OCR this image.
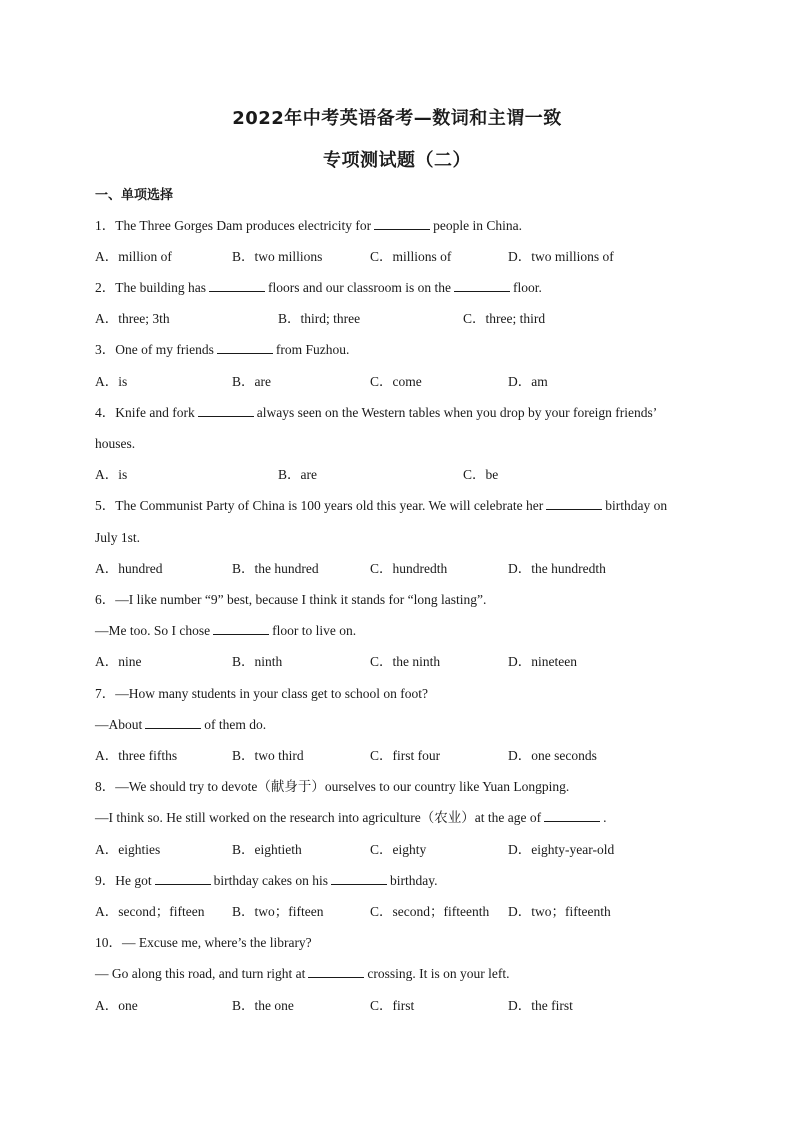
2022年中考英语备考—数词和主谓一致
专项测试题（二）
一、单项选择
1．The Three Gorges Dam produces electricity for	people in China.
2．The building has	floors and our classroom is on the	floor.
3．One of my friends	from Fuzhou.
4．Knife and fork	always seen on the Western tables when you drop by your foreign friends’
houses.
5．The Communist Party of China is 100 years old this year. We will celebrate her	birthday on
July 1st.
6．—I like number “9” best, because I think it stands for “long lasting”.
—Me too. So I chose	floor to live on.
7．—How many students in your class get to school on foot?
—About	of them do.
8．—We should try to devote（献身于）ourselves to our country like Yuan Longping.
—I think so. He still worked on the research into agriculture（农业）at the age of	.
9．He got	birthday cakes on his	birthday.
10．— Excuse me, where’s the library?
— Go along this road, and turn right at	crossing. It is on your left.
A．million of	B．two millions	C．millions of	D．two millions of
A．three; 3th	B．third; three	C．three; third
A．is	B．are	C．come	D．am
A．is	B．are	C．be
A．hundred	B．the hundred	C．hundredth	D．the hundredth
A．nine	B．ninth	C．the ninth	D．nineteen
A．three fifths	B．two third	C．first four	D．one seconds
A．eighties	B．eightieth	C．eighty	D．eighty-year-old
A．second；fifteen B．two；fifteen	C．second；fifteenth D．two；fifteenth
A．one	B．the one	C．first	D．the first
